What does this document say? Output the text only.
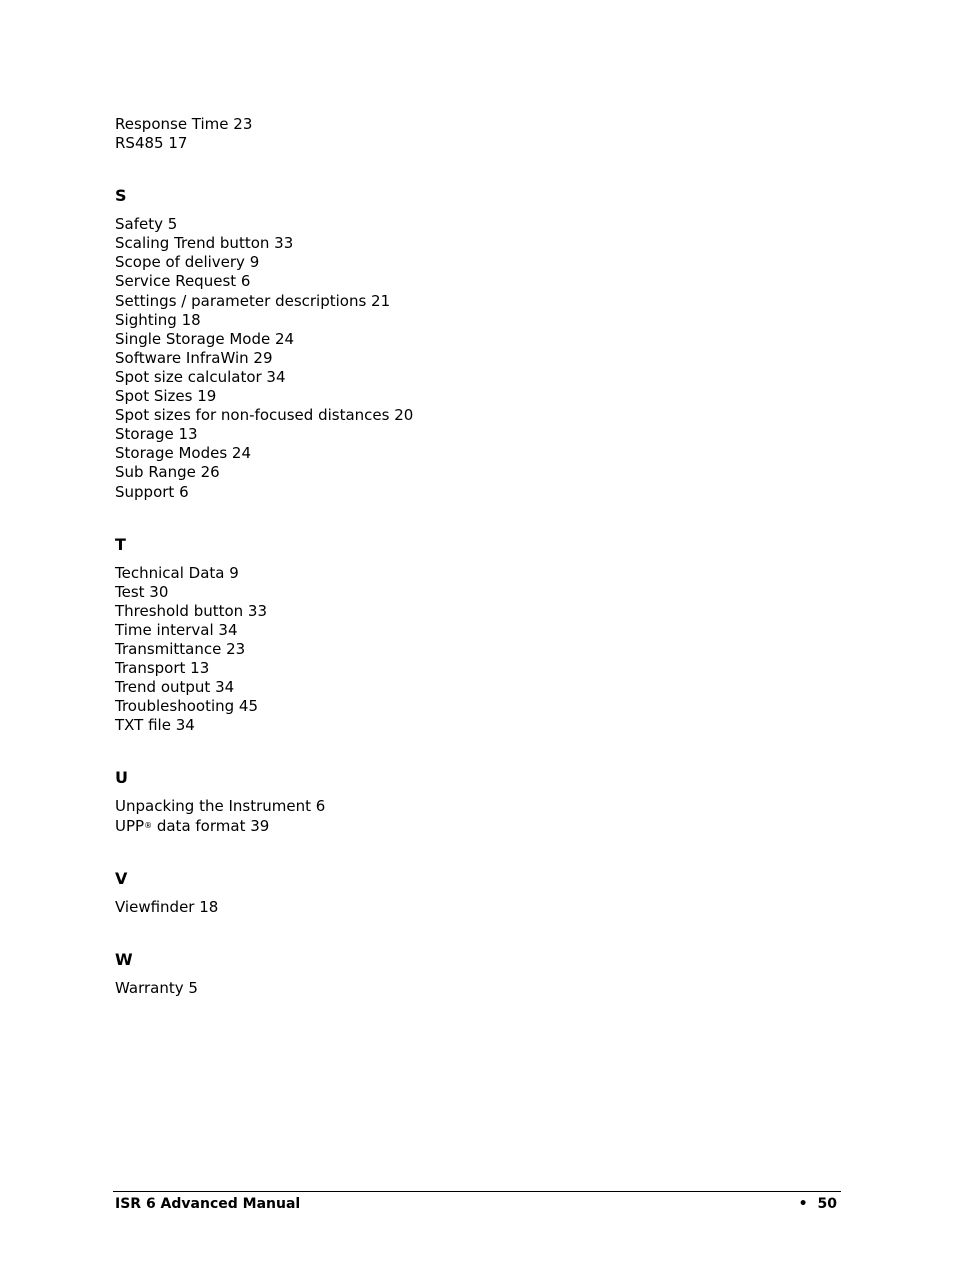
Response Time 23
RS485 17
S
Safety 5
Scaling Trend button 33
Scope of delivery 9
Service Request 6
Settings / parameter descriptions 21
Sighting 18
Single Storage Mode 24
Software InfraWin 29
Spot size calculator 34
Spot Sizes 19
Spot sizes for non-focused distances 20
Storage 13
Storage Modes 24
Sub Range 26
Support 6
T
Technical Data 9
Test 30
Threshold button 33
Time interval 34
Transmittance 23
Transport 13
Trend output 34
Troubleshooting 45
TXT file 34
U
Unpacking the Instrument 6
UPP® data format 39
V
Viewfinder 18
W
Warranty 5
ISR 6 Advanced Manual	• 50
